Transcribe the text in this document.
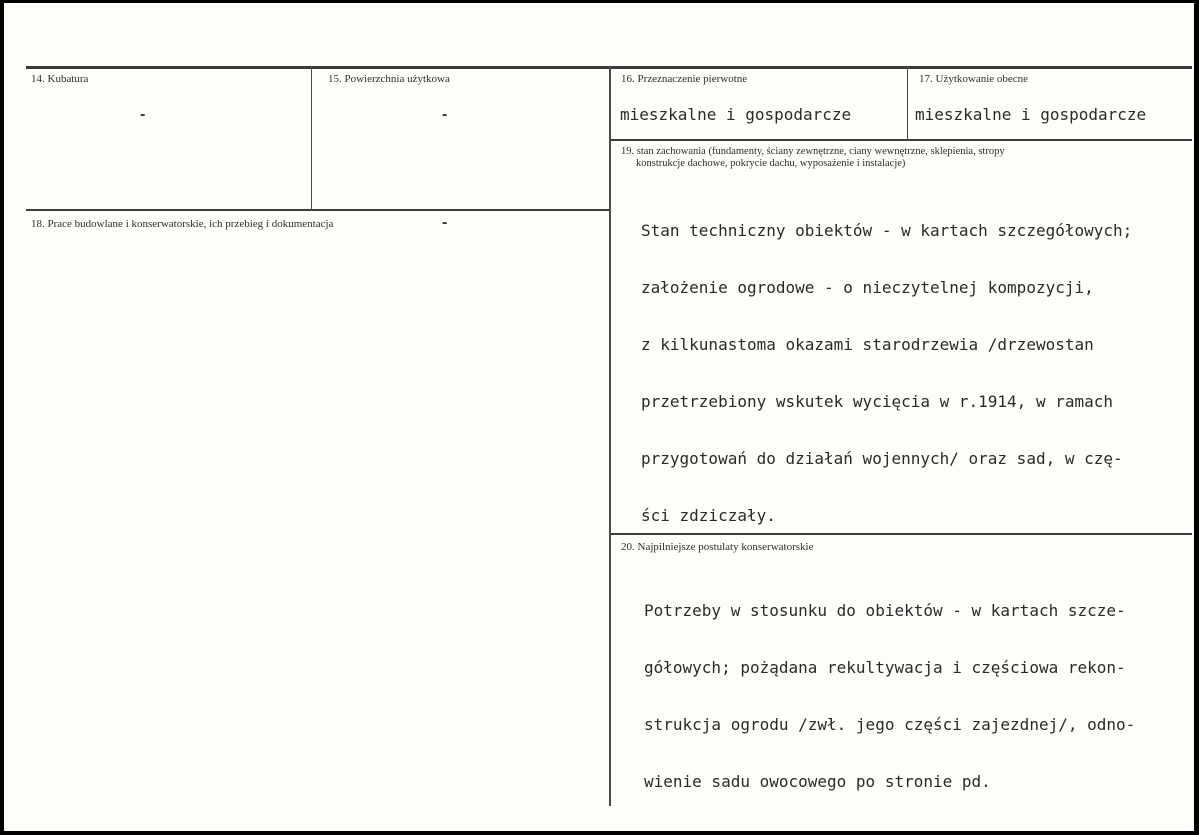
14. Kubatura
-
15. Powierzchnia użytkowa
-
16. Przeznaczenie pierwotne
mieszkalne i gospodarcze
17. Użytkowanie obecne
mieszkalne i gospodarcze
18. Prace budowlane i konserwatorskie, ich przebieg i dokumentacja	-
19. stan zachowania (fundamenty, ściany zewnętrzne, ciany wewnętrzne, sklepienia, stropy
konstrukcje dachowe, pokrycie dachu, wyposażenie i instalacje)

Stan techniczny obiektów - w kartach szczegółowych;

założenie ogrodowe - o nieczytelnej kompozycji,

z kilkunastoma okazami starodrzewia /drzewostan

przetrzebiony wskutek wycięcia w r.1914, w ramach

przygotowań do działań wojennych/ oraz sad, w czę-

ści zdziczały.

20. Najpilniejsze postulaty konserwatorskie

Potrzeby w stosunku do obiektów - w kartach szcze-

gółowych; pożądana rekultywacja i częściowa rekon-

strukcja ogrodu /zwł. jego części zajezdnej/, odno-

wienie sadu owocowego po stronie pd.
